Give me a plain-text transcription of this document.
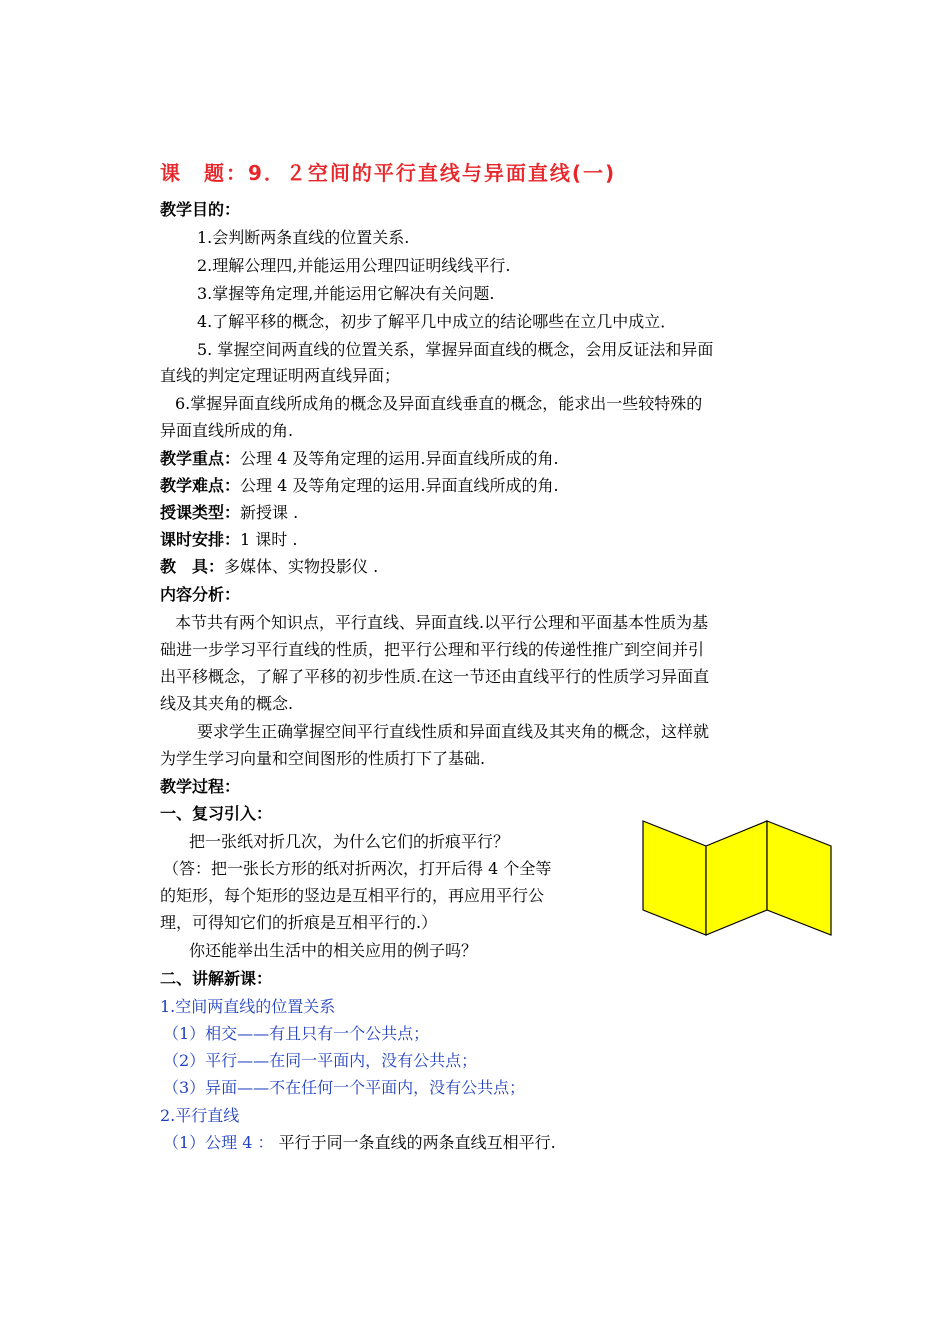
课　题：9．２空间的平行直线与异面直线(一)
教学目的：
1.会判断两条直线的位置关系.
2.理解公理四,并能运用公理四证明线线平行.
3.掌握等角定理,并能运用它解决有关问题.
4.了解平移的概念，初步了解平几中成立的结论哪些在立几中成立．
5. 掌握空间两直线的位置关系，掌握异面直线的概念，会用反证法和异面
直线的判定定理证明两直线异面；
6.掌握异面直线所成角的概念及异面直线垂直的概念，能求出一些较特殊的
异面直线所成的角.
教学重点：公理 4 及等角定理的运用.异面直线所成的角.
教学难点：公理 4 及等角定理的运用.异面直线所成的角.
授课类型：新授课 .
课时安排：1 课时 .
教　具：多媒体、实物投影仪 .
内容分析：
本节共有两个知识点，平行直线、异面直线.以平行公理和平面基本性质为基
础进一步学习平行直线的性质，把平行公理和平行线的传递性推广到空间并引
出平移概念，了解了平移的初步性质.在这一节还由直线平行的性质学习异面直
线及其夹角的概念.
要求学生正确掌握空间平行直线性质和异面直线及其夹角的概念，这样就
为学生学习向量和空间图形的性质打下了基础.
教学过程：
一、复习引入：
把一张纸对折几次，为什么它们的折痕平行？
（答：把一张长方形的纸对折两次，打开后得 4 个全等
的矩形，每个矩形的竖边是互相平行的，再应用平行公
理，可得知它们的折痕是互相平行的.）
你还能举出生活中的相关应用的例子吗？
二、讲解新课：
1.空间两直线的位置关系
（1）相交——有且只有一个公共点；
（2）平行——在同一平面内，没有公共点；
（3）异面——不在任何一个平面内，没有公共点；
2.平行直线
（1）公理 4 ： 平行于同一条直线的两条直线互相平行.
